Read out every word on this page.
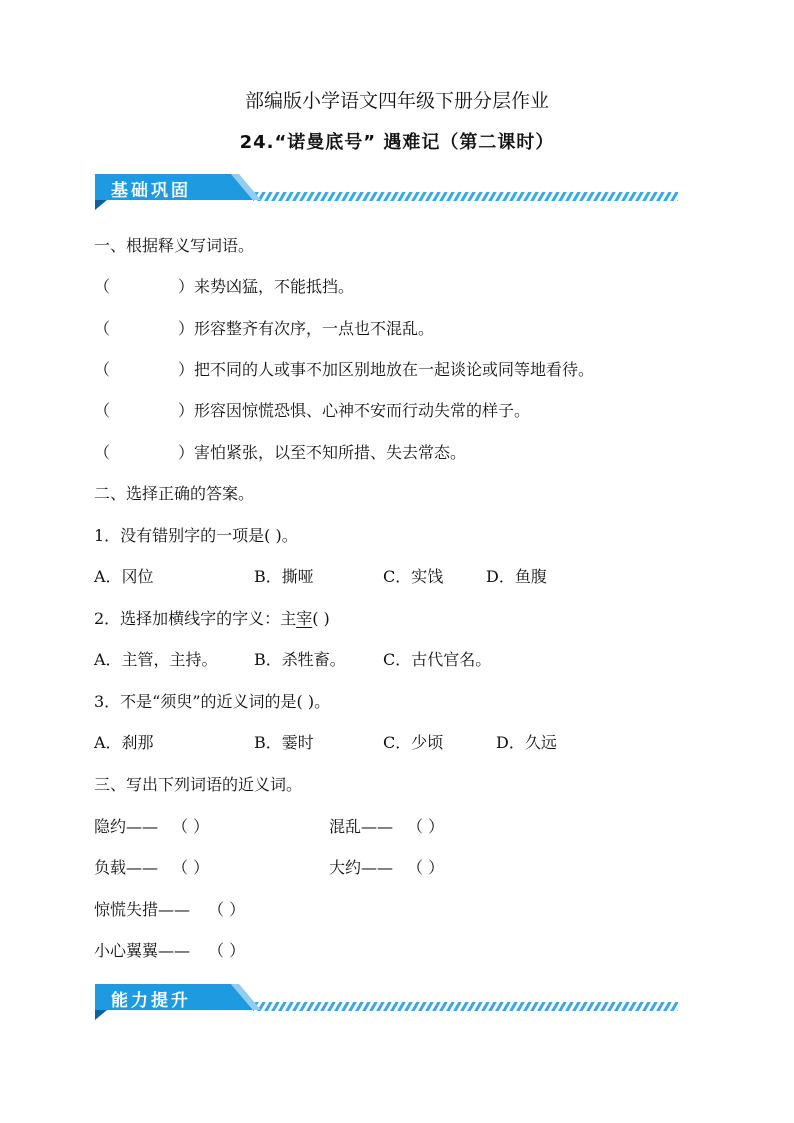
部编版小学语文四年级下册分层作业
24.“诺曼底号” 遇难记（第二课时）
基础巩固
一、根据释义写词语。
（	）来势凶猛，不能抵挡。
（	）形容整齐有次序，一点也不混乱。
（	）把不同的人或事不加区别地放在一起谈论或同等地看待。
（	）形容因惊慌恐惧、心神不安而行动失常的样子。
（	）害怕紧张，以至不知所措、失去常态。
二、选择正确的答案。
1．没有错别字的一项是( )。
A．冈位	B．撕哑	C．实饯	D．鱼腹
2．选择加横线字的字义：主宰( )
A．主管，主持。 B．杀牲畜。 C．古代官名。
3．不是“须臾”的近义词的是( )。
A．刹那	B．霎时	C．少顷	D．久远
三、写出下列词语的近义词。
隐约—— （ ）	混乱—— （ ）
负载—— （ ）	大约—— （ ）
惊慌失措—— （ ）
小心翼翼—— （ ）
能力提升
